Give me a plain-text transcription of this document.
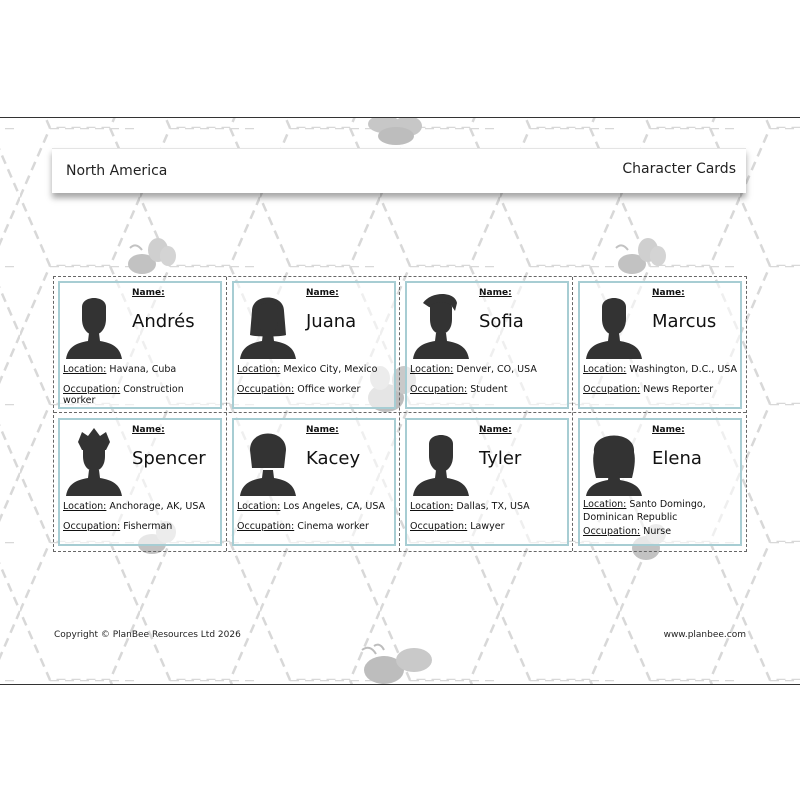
North America	Character Cards
Name:
Andrés
Location: Havana, Cuba
Occupation: Construction worker
Name:
Juana
Location: Mexico City, Mexico
Occupation: Office worker
Name:
Sofia
Location: Denver, CO, USA
Occupation: Student
Name:
Marcus
Location: Washington, D.C., USA
Occupation: News Reporter
Name:
Spencer
Location: Anchorage, AK, USA
Occupation: Fisherman
Name:
Kacey
Location: Los Angeles, CA, USA
Occupation: Cinema worker
Name:
Tyler
Location: Dallas, TX, USA
Occupation: Lawyer
Name:
Elena
Location: Santo Domingo, Dominican Republic
Occupation: Nurse
Copyright © PlanBee Resources Ltd 2026	www.planbee.com
